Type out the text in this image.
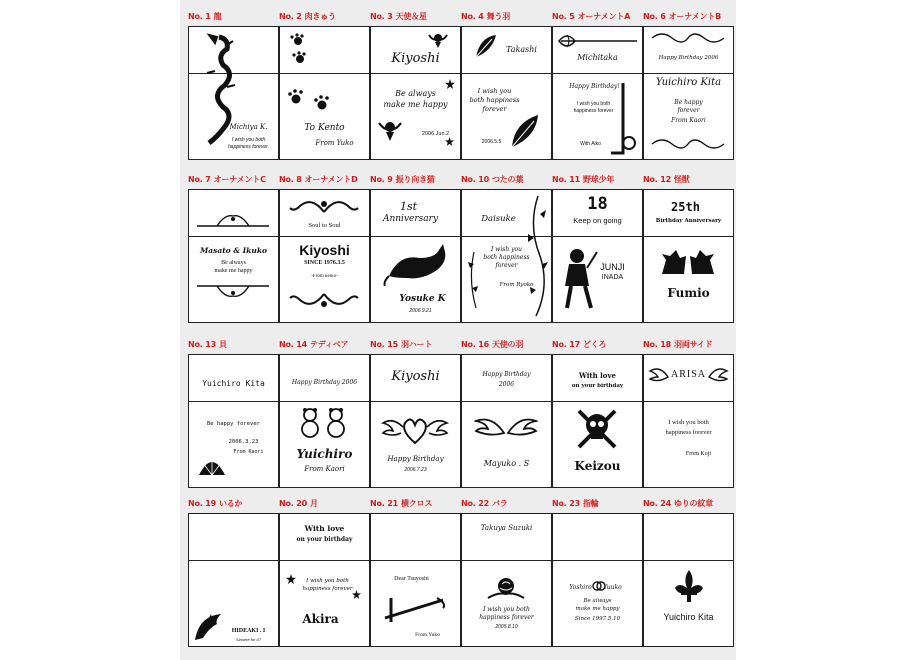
No. 1 龍
Michiya K.
I wish you both
happiness forever.
No. 2 肉きゅう
To Kento
From Yuko
No. 3 天使＆星
Kiyoshi
Be always
make me happy
2006.Jun.2
No. 4 舞う羽
Takashi
I wish you
both happiness
forever
2006.5.5
No. 5 オーナメントA
Michitaka
Happy Birthday!
I wish you both
happiness forever
With Aiko
No. 6 オーナメントB
Happy Birthday 2006
Yuichiro Kita
Be happy
forever
From Kaori
No. 7 オーナメントC
Masato & Ikuko
Be always
make me happy
No. 8 オーナメントD
Soul to Soul
Kiyoshi
SINCE 1976.3.5
-From keiko-
No. 9 振り向き猫
1st
Anniversary
Yosuke K
2006.9.21
No. 10 つたの葉
Daisuke
I wish you
both happiness
forever
From Ryoko
No. 11 野球少年
18
Keep on going
JUNJI
INADA
No. 12 怪獣
25th
Birthday Anniversary
Fumio
No. 13 貝
Yuichiro Kita
Be happy forever
2006.3.23
From Kaori
No. 14 テディベア
Happy Birthday 2006
Yuichiro
From Kaori
No. 15 羽ハート
Kiyoshi
Happy Birthday
2006.7.23
No. 16 天使の羽
Happy Birthday
2006
Mayuko . S
No. 17 どくろ
With love
on your birthday
Keizou
No. 18 羽両サイド
ARISA
I wish you both
happiness forever
From Koji
No. 19 いるか
HIDEAKI . I
Sinsere for 07
No. 20 月
With love
on your birthday
I wish you both
happiness forever
Akira
No. 21 横クロス
Dear Tsuyoshi
From Yuko
No. 22 バラ
Takuya Suzuki
I wish you both
happiness forever
2005.8.10
No. 23 指輪
Yoshiro	Yuuko
Be always
make me happy
Since 1997.5.10
No. 24 ゆりの紋章
Yuichiro Kita
